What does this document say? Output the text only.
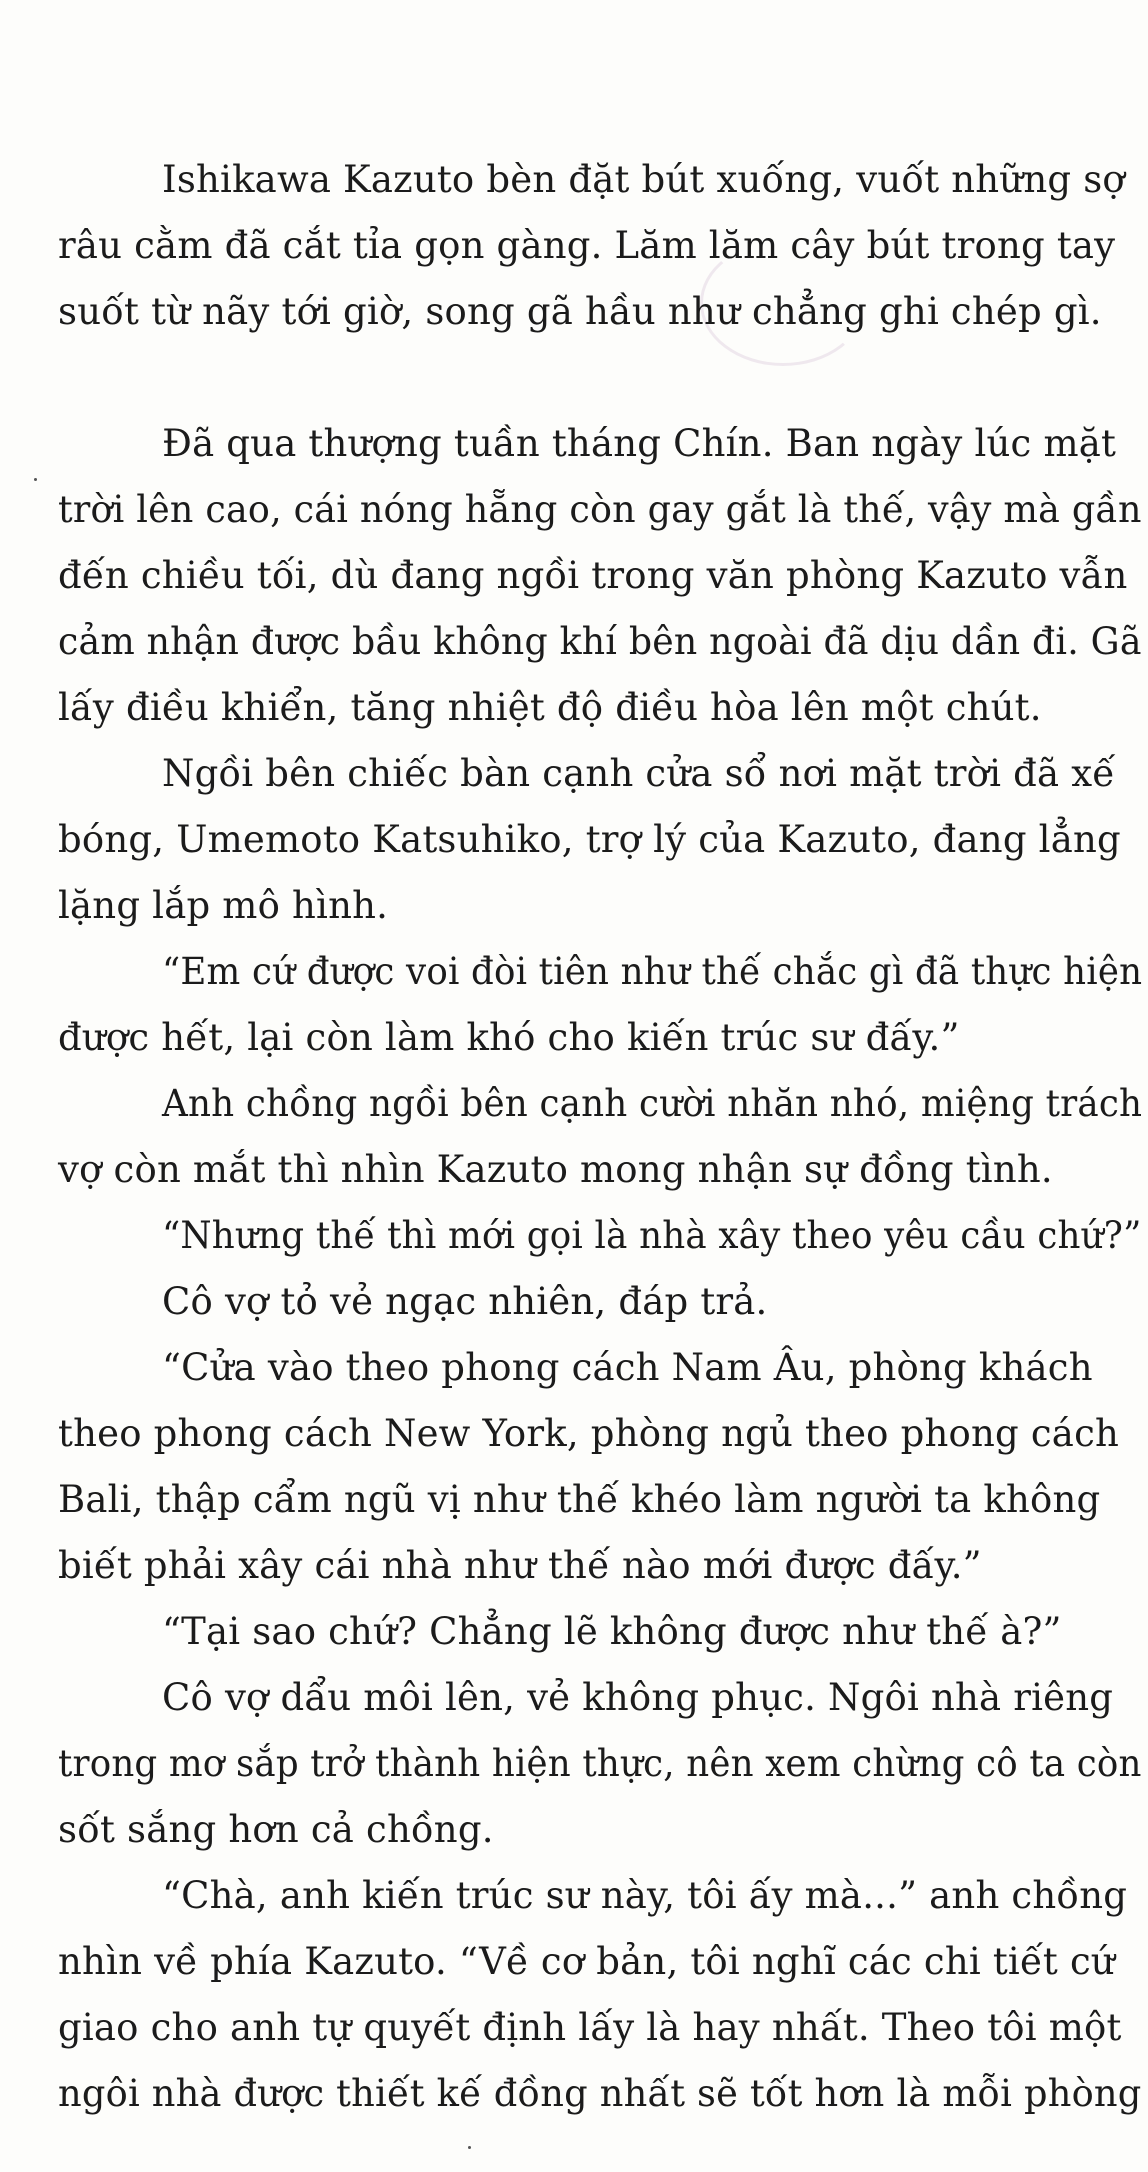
Ishikawa Kazuto bèn đặt bút xuống, vuốt những sợ
râu cằm đã cắt tỉa gọn gàng. Lăm lăm cây bút trong tay
suốt từ nãy tới giờ, song gã hầu như chẳng ghi chép gì.
Đã qua thượng tuần tháng Chín. Ban ngày lúc mặt
trời lên cao, cái nóng hẵng còn gay gắt là thế, vậy mà gần
đến chiều tối, dù đang ngồi trong văn phòng Kazuto vẫn
cảm nhận được bầu không khí bên ngoài đã dịu dần đi. Gã
lấy điều khiển, tăng nhiệt độ điều hòa lên một chút.
Ngồi bên chiếc bàn cạnh cửa sổ nơi mặt trời đã xế
bóng, Umemoto Katsuhiko, trợ lý của Kazuto, đang lẳng
lặng lắp mô hình.
“Em cứ được voi đòi tiên như thế chắc gì đã thực hiện
được hết, lại còn làm khó cho kiến trúc sư đấy.”
Anh chồng ngồi bên cạnh cười nhăn nhó, miệng trách
vợ còn mắt thì nhìn Kazuto mong nhận sự đồng tình.
“Nhưng thế thì mới gọi là nhà xây theo yêu cầu chứ?”
Cô vợ tỏ vẻ ngạc nhiên, đáp trả.
“Cửa vào theo phong cách Nam Âu, phòng khách
theo phong cách New York, phòng ngủ theo phong cách
Bali, thập cẩm ngũ vị như thế khéo làm người ta không
biết phải xây cái nhà như thế nào mới được đấy.”
“Tại sao chứ? Chẳng lẽ không được như thế à?”
Cô vợ dẩu môi lên, vẻ không phục. Ngôi nhà riêng
trong mơ sắp trở thành hiện thực, nên xem chừng cô ta còn
sốt sắng hơn cả chồng.
“Chà, anh kiến trúc sư này, tôi ấy mà...” anh chồng
nhìn về phía Kazuto. “Về cơ bản, tôi nghĩ các chi tiết cứ
giao cho anh tự quyết định lấy là hay nhất. Theo tôi một
ngôi nhà được thiết kế đồng nhất sẽ tốt hơn là mỗi phòng
